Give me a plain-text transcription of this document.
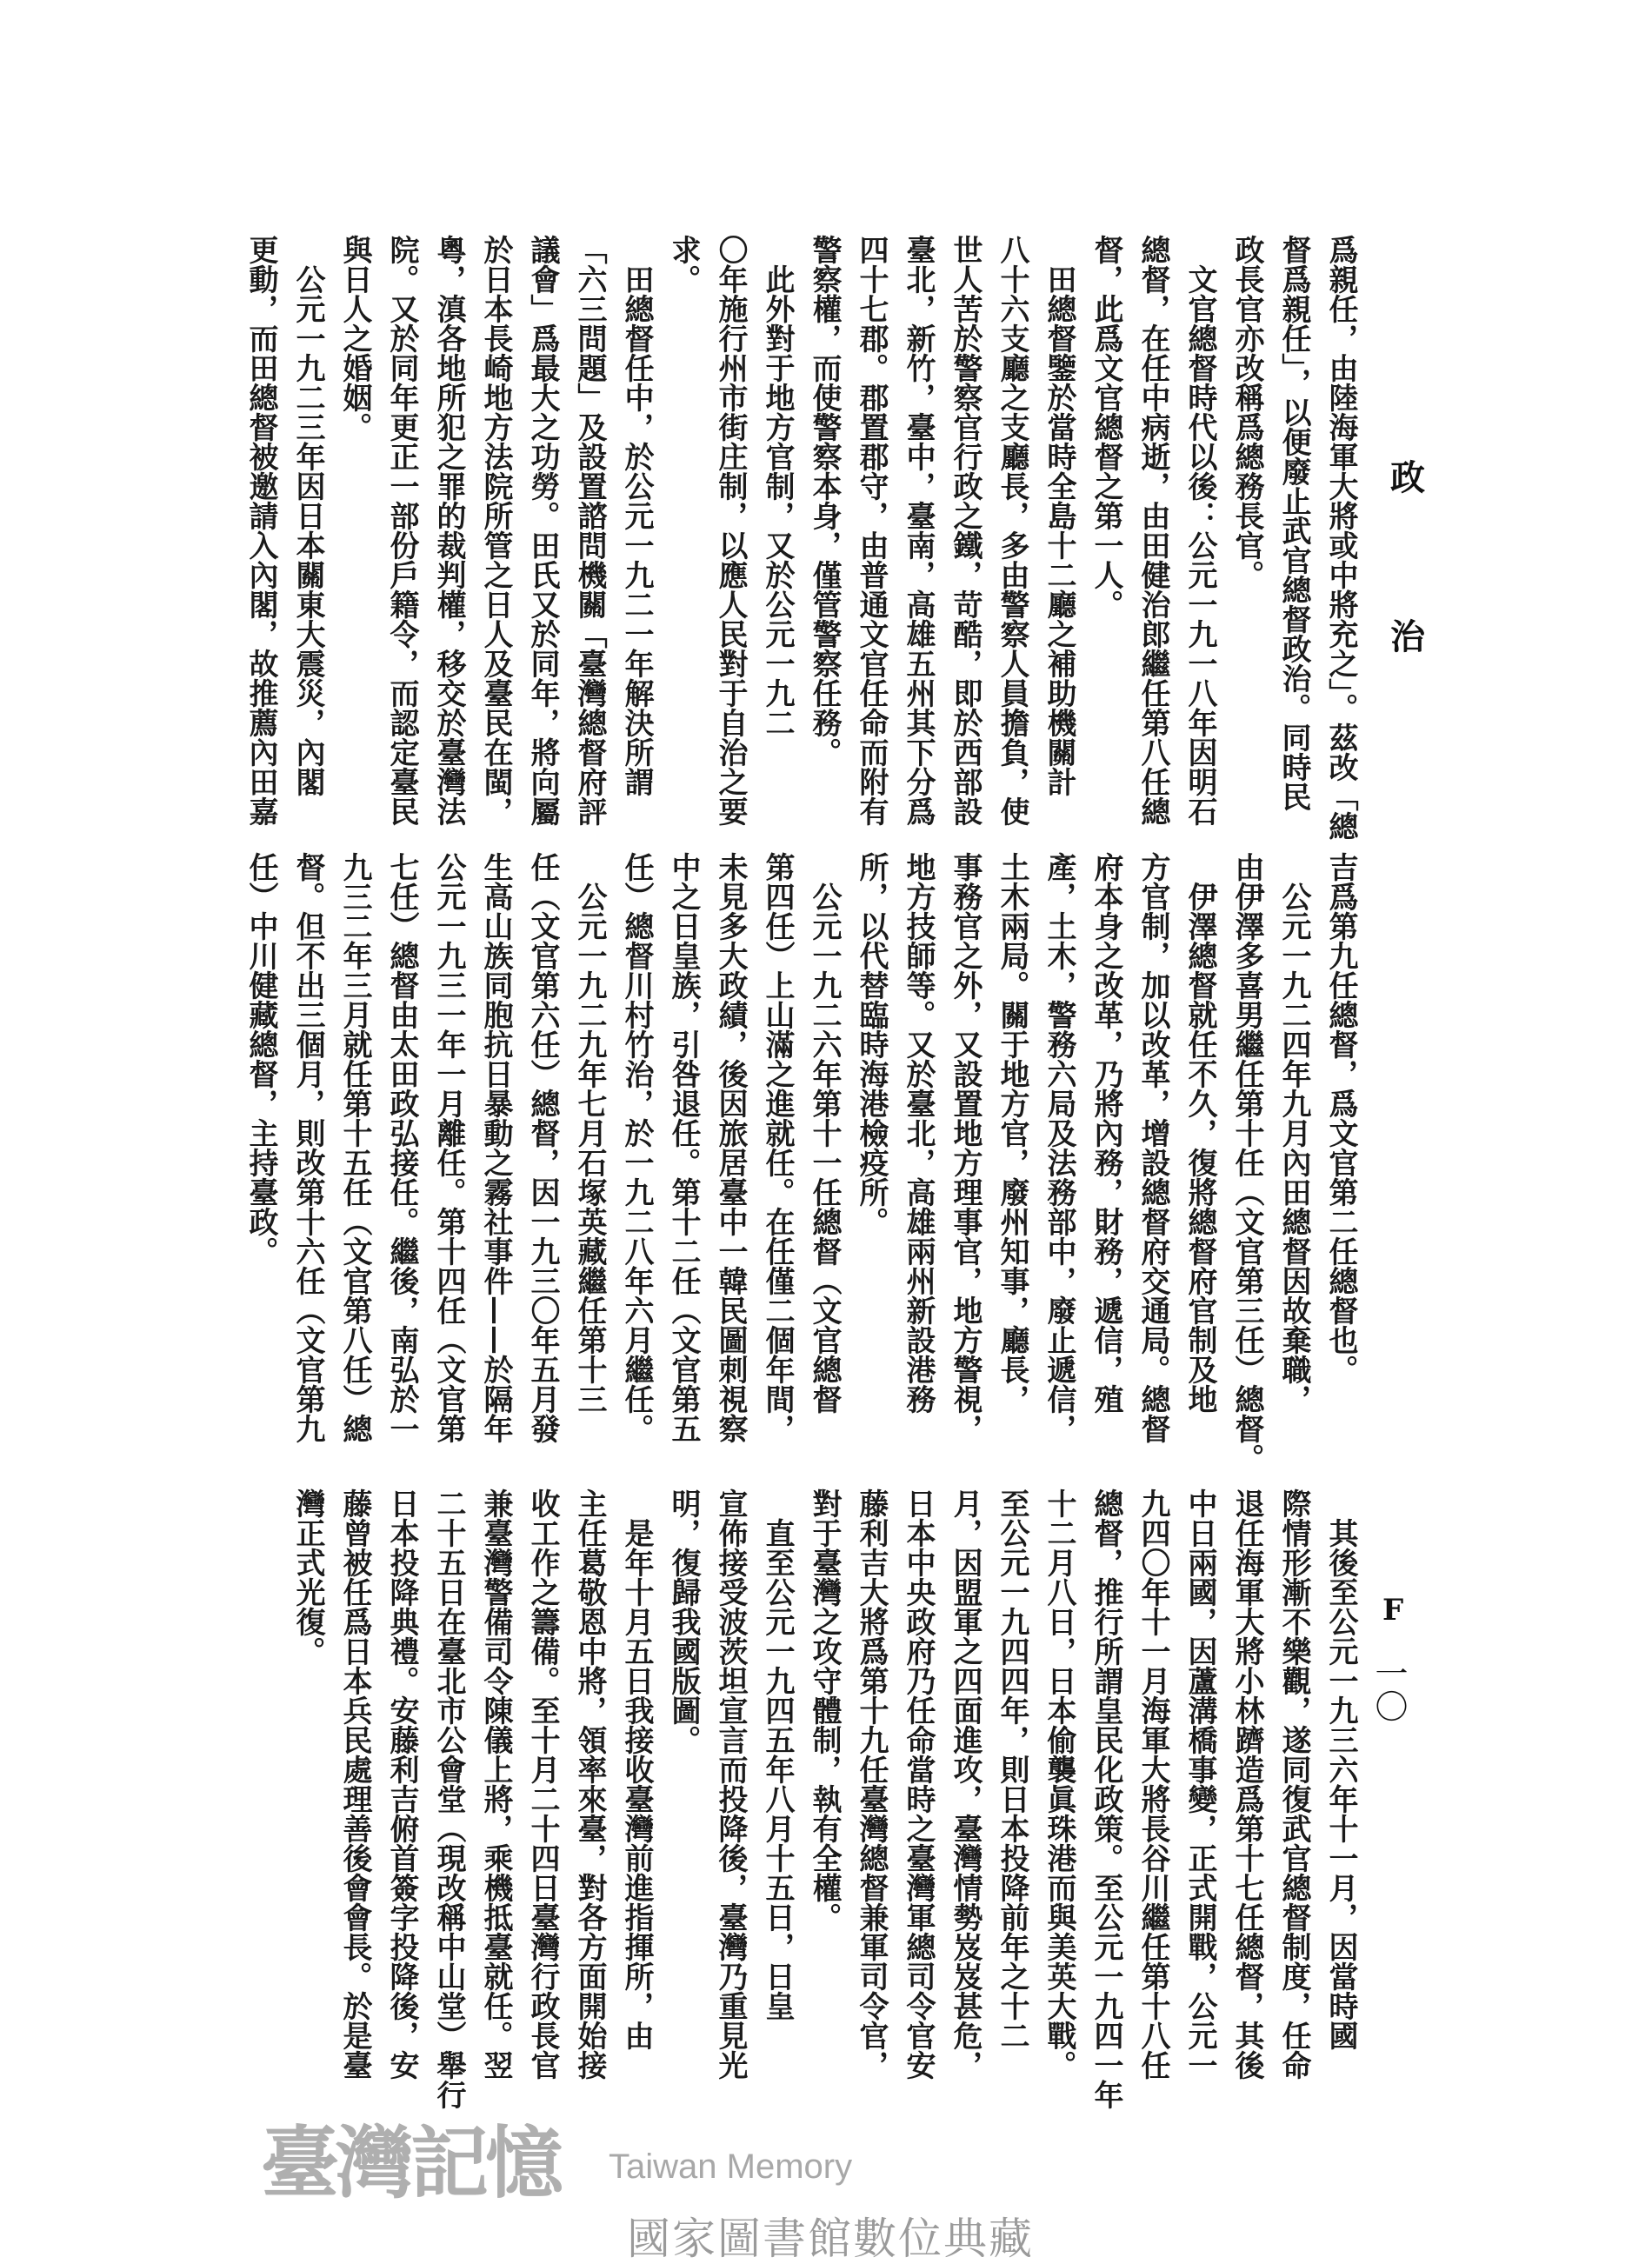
政
治
F
一〇
爲親任，由陸海軍大將或中將充之」。茲改「總
督爲親任」，以便廢止武官總督政治。同時民
政長官亦改稱爲總務長官。
　文官總督時代以後：公元一九一八年因明石
總督，在任中病逝，由田健治郎繼任第八任總
督，此爲文官總督之第一人。
　田總督鑒於當時全島十二廳之補助機關計
八十六支廳之支廳長，多由警察人員擔負，使
世人苦於警察官行政之鐵，苛酷，即於西部設
臺北，新竹，臺中，臺南，高雄五州其下分爲
四十七郡。郡置郡守，由普通文官任命而附有
警察權，而使警察本身，僅管警察任務。
　此外對于地方官制，又於公元一九二
〇年施行州市街庄制，以應人民對于自治之要
求。
　田總督任中，於公元一九二一年解決所謂
「六三問題」及設置諮問機關「臺灣總督府評
議會」爲最大之功勞。田氏又於同年，將向屬
於日本長崎地方法院所管之日人及臺民在閩，
粵，滇各地所犯之罪的裁判權，移交於臺灣法
院。又於同年更正一部份戶籍令，而認定臺民
與日人之婚姻。
　公元一九二三年因日本關東大震災，內閣
更動，而田總督被邀請入內閣，故推薦內田嘉
吉爲第九任總督，爲文官第二任總督也。
　公元一九二四年九月內田總督因故棄職，
由伊澤多喜男繼任第十任（文官第三任）總督。
　伊澤總督就任不久，復將總督府官制及地
方官制，加以改革，增設總督府交通局。總督
府本身之改革，乃將內務，財務，遞信，殖
產，土木，警務六局及法務部中，廢止遞信，
土木兩局。關于地方官，廢州知事，廳長，
事務官之外，又設置地方理事官，地方警視，
地方技師等。又於臺北，高雄兩州新設港務
所，以代替臨時海港檢疫所。
　公元一九二六年第十一任總督（文官總督
第四任）上山滿之進就任。在任僅二個年間，
未見多大政績，後因旅居臺中一韓民圖刺視察
中之日皇族，引咎退任。第十二任（文官第五
任）總督川村竹治，於一九二八年六月繼任。
　公元一九二九年七月石塚英藏繼任第十三
任（文官第六任）總督，因一九三〇年五月發
生高山族同胞抗日暴動之霧社事件——於隔年
公元一九三一年一月離任。第十四任（文官第
七任）總督由太田政弘接任。繼後，南弘於一
九三二年三月就任第十五任（文官第八任）總
督。但不出三個月，則改第十六任（文官第九
任）中川健藏總督，主持臺政。
　其後至公元一九三六年十一月，因當時國
際情形漸不樂觀，遂同復武官總督制度，任命
退任海軍大將小林躋造爲第十七任總督，其後
中日兩國，因蘆溝橋事變，正式開戰，公元一
九四〇年十一月海軍大將長谷川繼任第十八任
總督，推行所謂皇民化政策。至公元一九四一年
十二月八日，日本偷襲眞珠港而與美英大戰。
至公元一九四四年，則日本投降前年之十二
月，因盟軍之四面進攻，臺灣情勢岌岌甚危，
日本中央政府乃任命當時之臺灣軍總司令官安
藤利吉大將爲第十九任臺灣總督兼軍司令官，
對于臺灣之攻守體制，執有全權。
　直至公元一九四五年八月十五日，日皇
宣佈接受波茨坦宣言而投降後，臺灣乃重見光
明，復歸我國版圖。
　是年十月五日我接收臺灣前進指揮所，由
主任葛敬恩中將，領率來臺，對各方面開始接
收工作之籌備。至十月二十四日臺灣行政長官
兼臺灣警備司令陳儀上將，乘機抵臺就任。翌
二十五日在臺北市公會堂（現改稱中山堂）舉行
日本投降典禮。安藤利吉俯首簽字投降後，安
藤曾被任爲日本兵民處理善後會會長。於是臺
灣正式光復。
臺灣記憶 Taiwan Memory
國家圖書館數位典藏
